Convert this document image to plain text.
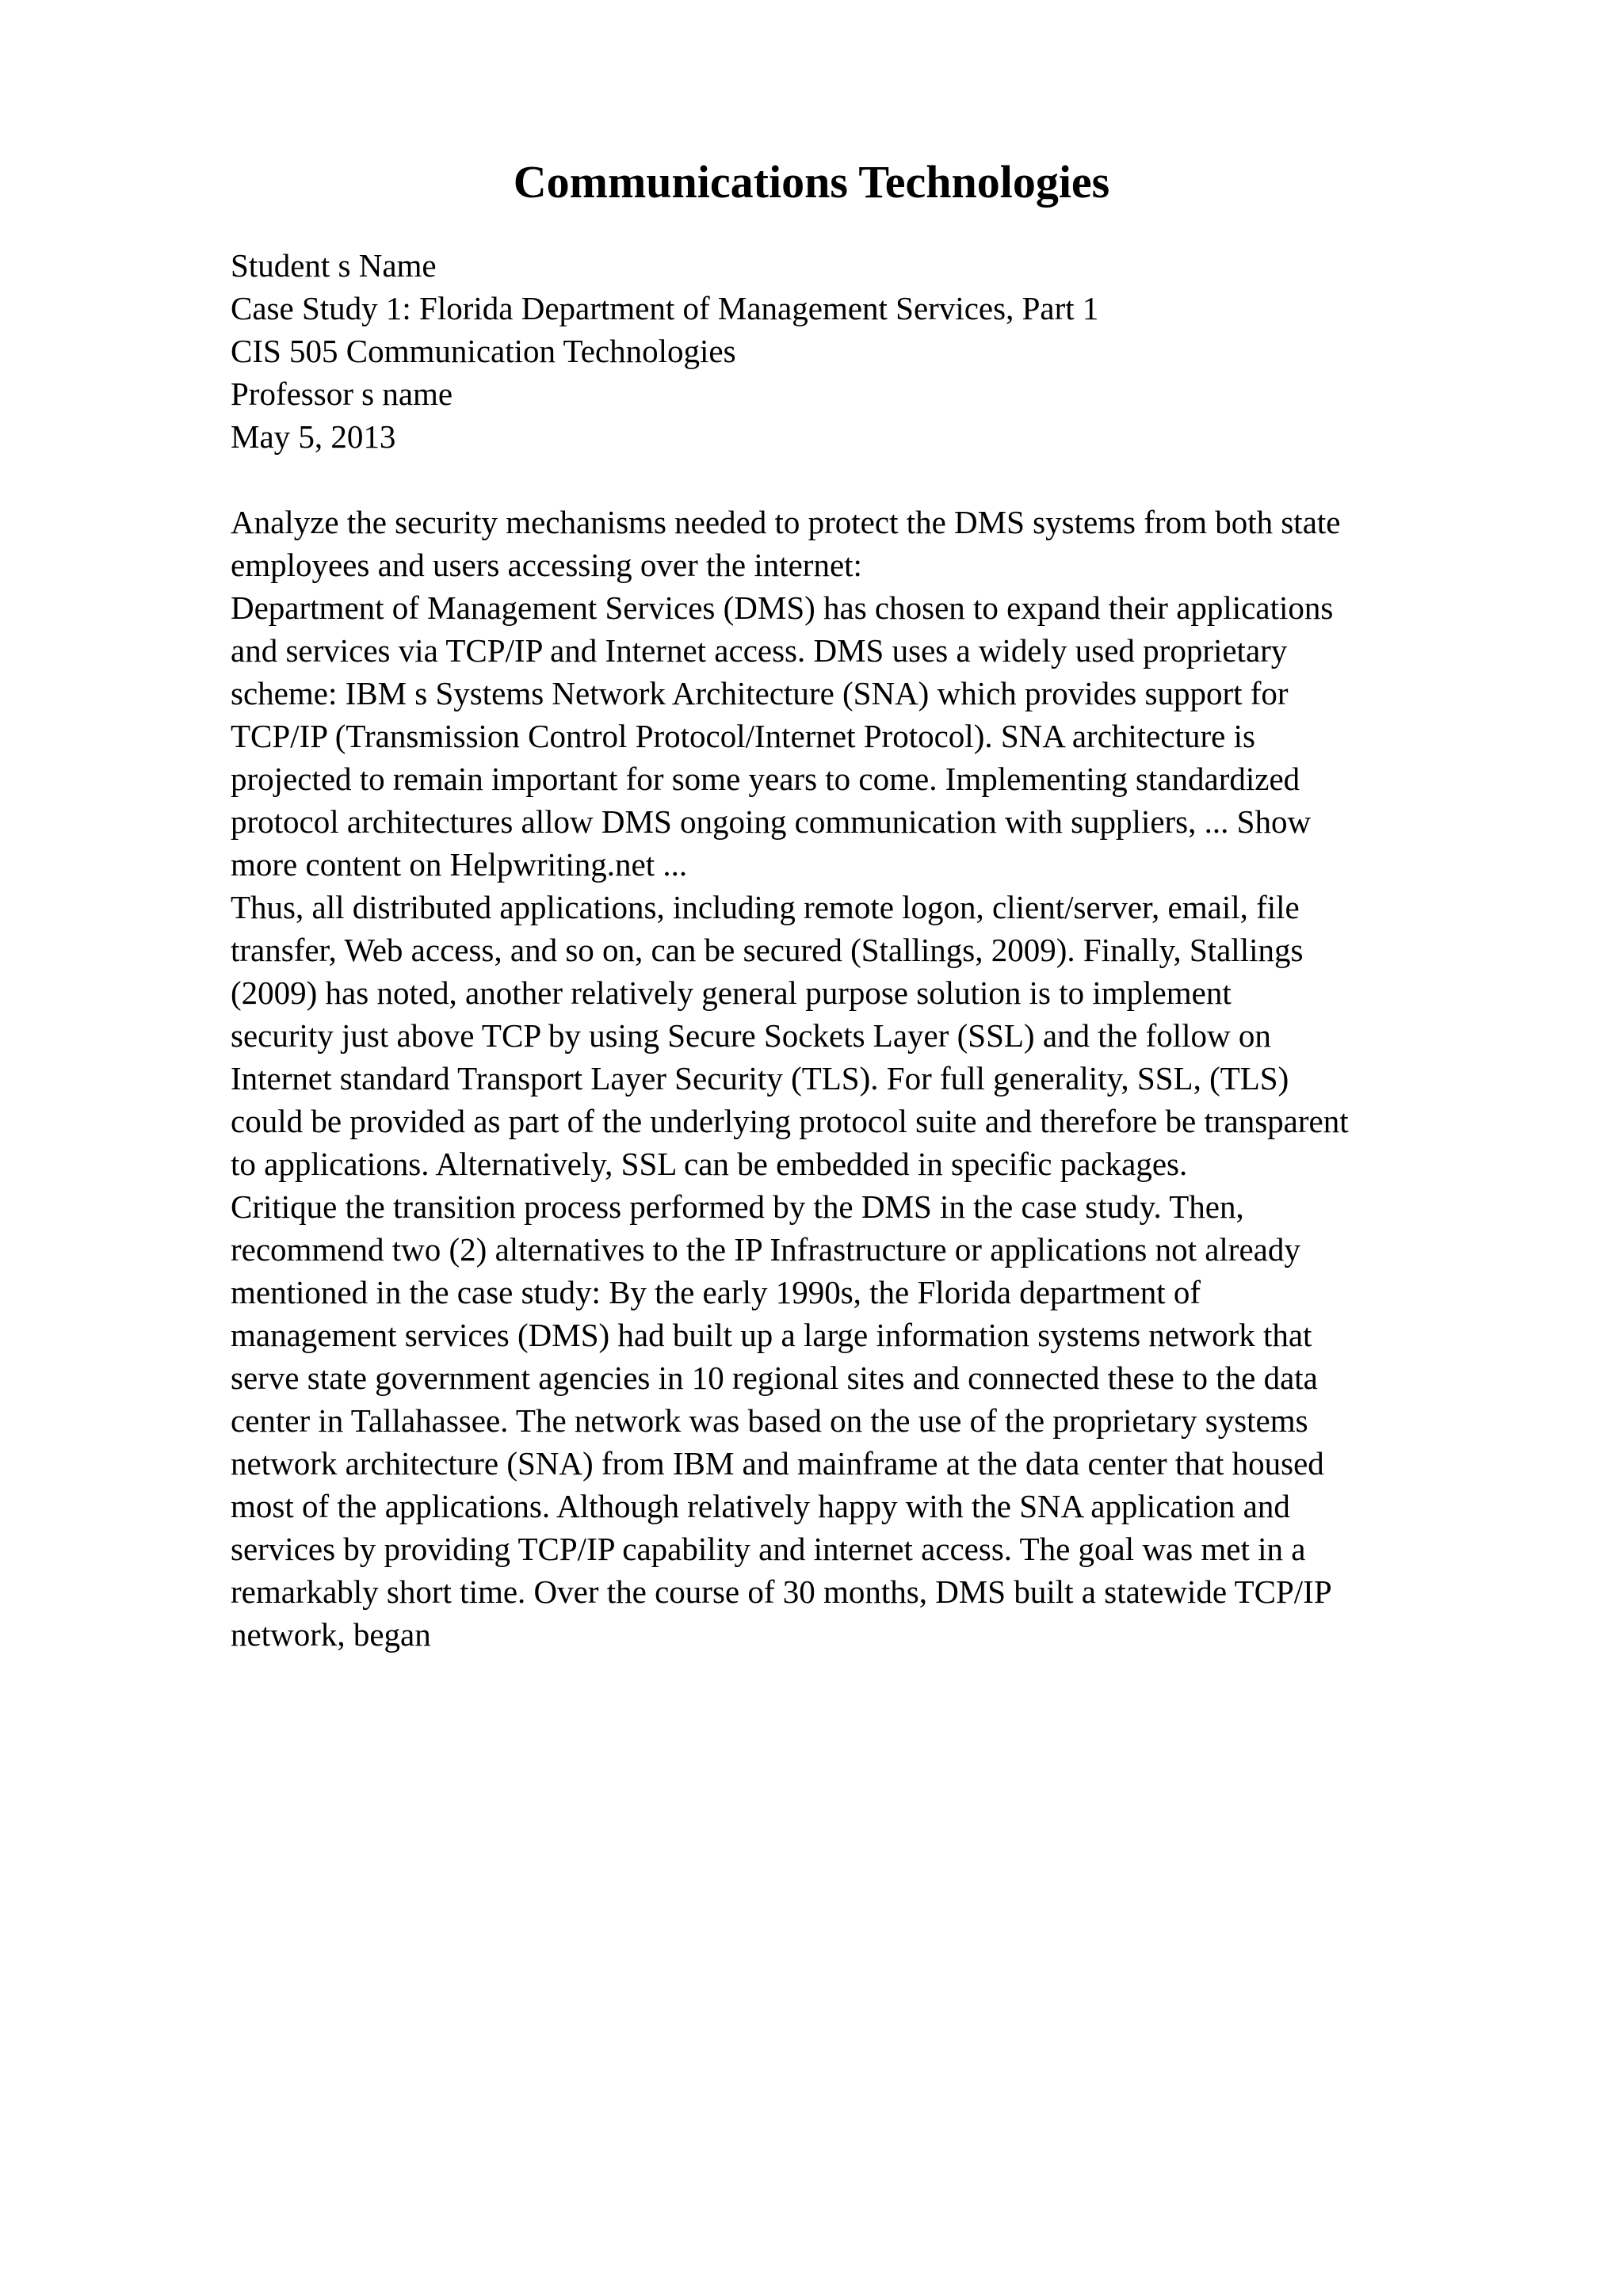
Communications Technologies
Student s Name
Case Study 1: Florida Department of Management Services, Part 1
CIS 505 Communication Technologies
Professor s name
May 5, 2013
Analyze the security mechanisms needed to protect the DMS systems from both state
employees and users accessing over the internet:
Department of Management Services (DMS) has chosen to expand their applications
and services via TCP/IP and Internet access. DMS uses a widely used proprietary
scheme: IBM s Systems Network Architecture (SNA) which provides support for
TCP/IP (Transmission Control Protocol/Internet Protocol). SNA architecture is
projected to remain important for some years to come. Implementing standardized
protocol architectures allow DMS ongoing communication with suppliers, ... Show
more content on Helpwriting.net ...
Thus, all distributed applications, including remote logon, client/server, email, file
transfer, Web access, and so on, can be secured (Stallings, 2009). Finally, Stallings
(2009) has noted, another relatively general purpose solution is to implement
security just above TCP by using Secure Sockets Layer (SSL) and the follow on
Internet standard Transport Layer Security (TLS). For full generality, SSL, (TLS)
could be provided as part of the underlying protocol suite and therefore be transparent
to applications. Alternatively, SSL can be embedded in specific packages.
Critique the transition process performed by the DMS in the case study. Then,
recommend two (2) alternatives to the IP Infrastructure or applications not already
mentioned in the case study: By the early 1990s, the Florida department of
management services (DMS) had built up a large information systems network that
serve state government agencies in 10 regional sites and connected these to the data
center in Tallahassee. The network was based on the use of the proprietary systems
network architecture (SNA) from IBM and mainframe at the data center that housed
most of the applications. Although relatively happy with the SNA application and
services by providing TCP/IP capability and internet access. The goal was met in a
remarkably short time. Over the course of 30 months, DMS built a statewide TCP/IP
network, began
